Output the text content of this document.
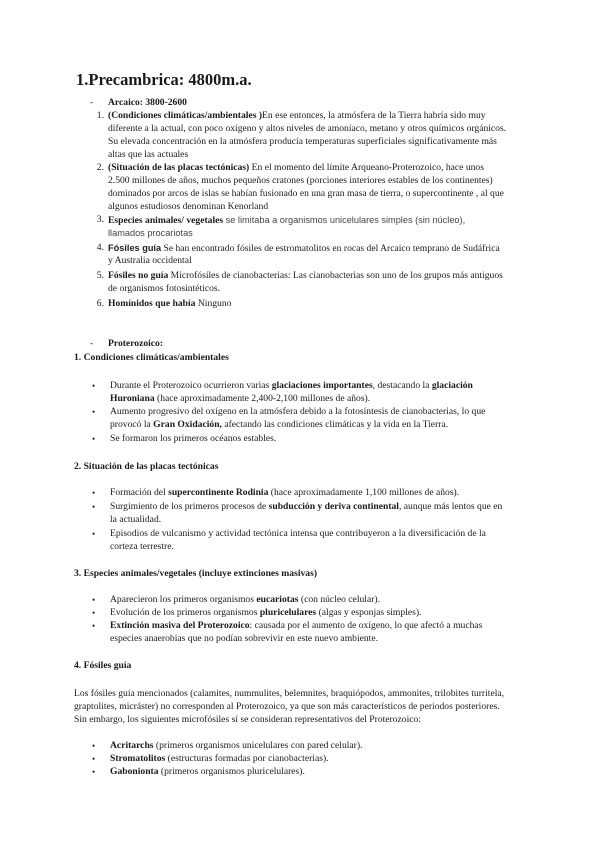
1.Precambrica: 4800m.a.
- Arcaico: 3800-2600
1. (Condiciones climáticas/ambientales )En ese entonces, la atmósfera de la Tierra habría sido muy
diferente a la actual, con poco oxígeno y altos niveles de amoníaco, metano y otros químicos orgánicos.
Su elevada concentración en la atmósfera producía temperaturas superficiales significativamente más
altas que las actuales
2. (Situación de las placas tectónicas) En el momento del límite Arqueano-Proterozoico, hace unos
2.500 millones de años, muchos pequeños cratones (porciones interiores estables de los continentes)
dominados por arcos de islas se habían fusionado en una gran masa de tierra, o supercontinente , al que
algunos estudiosos denominan Kenorland
3. Especies animales/ vegetales se limitaba a organismos unicelulares simples (sin núcleo),
llamados procariotas
4. Fósiles guía Se han encontrado fósiles de estromatolitos en rocas del Arcaico temprano de Sudáfrica
y Australia occidental
5. Fósiles no guía Microfósiles de cianobacterias: Las cianobacterias son uno de los grupos más antiguos
de organismos fotosintéticos.
6. Homínidos que había Ninguno
- Proterozoico:
1. Condiciones climáticas/ambientales
• Durante el Proterozoico ocurrieron varias glaciaciones importantes, destacando la glaciación
Huroniana (hace aproximadamente 2,400-2,100 millones de años).
• Aumento progresivo del oxígeno en la atmósfera debido a la fotosíntesis de cianobacterias, lo que
provocó la Gran Oxidación, afectando las condiciones climáticas y la vida en la Tierra.
• Se formaron los primeros océanos estables.
2. Situación de las placas tectónicas
• Formación del supercontinente Rodinia (hace aproximadamente 1,100 millones de años).
• Surgimiento de los primeros procesos de subducción y deriva continental, aunque más lentos que en
la actualidad.
• Episodios de vulcanismo y actividad tectónica intensa que contribuyeron a la diversificación de la
corteza terrestre.
3. Especies animales/vegetales (incluye extinciones masivas)
• Aparecieron los primeros organismos eucariotas (con núcleo celular).
• Evolución de los primeros organismos pluricelulares (algas y esponjas simples).
• Extinción masiva del Proterozoico: causada por el aumento de oxígeno, lo que afectó a muchas
especies anaerobias que no podían sobrevivir en este nuevo ambiente.
4. Fósiles guía
Los fósiles guía mencionados (calamites, nummulites, belemnites, braquiópodos, ammonites, trilobites turritela,
graptolites, micráster) no corresponden al Proterozoico, ya que son más característicos de periodos posteriores.
Sin embargo, los siguientes microfósiles sí se consideran representativos del Proterozoico:
• Acritarchs (primeros organismos unicelulares con pared celular).
• Stromatolitos (estructuras formadas por cianobacterias).
• Gabonionta (primeros organismos pluricelulares).
